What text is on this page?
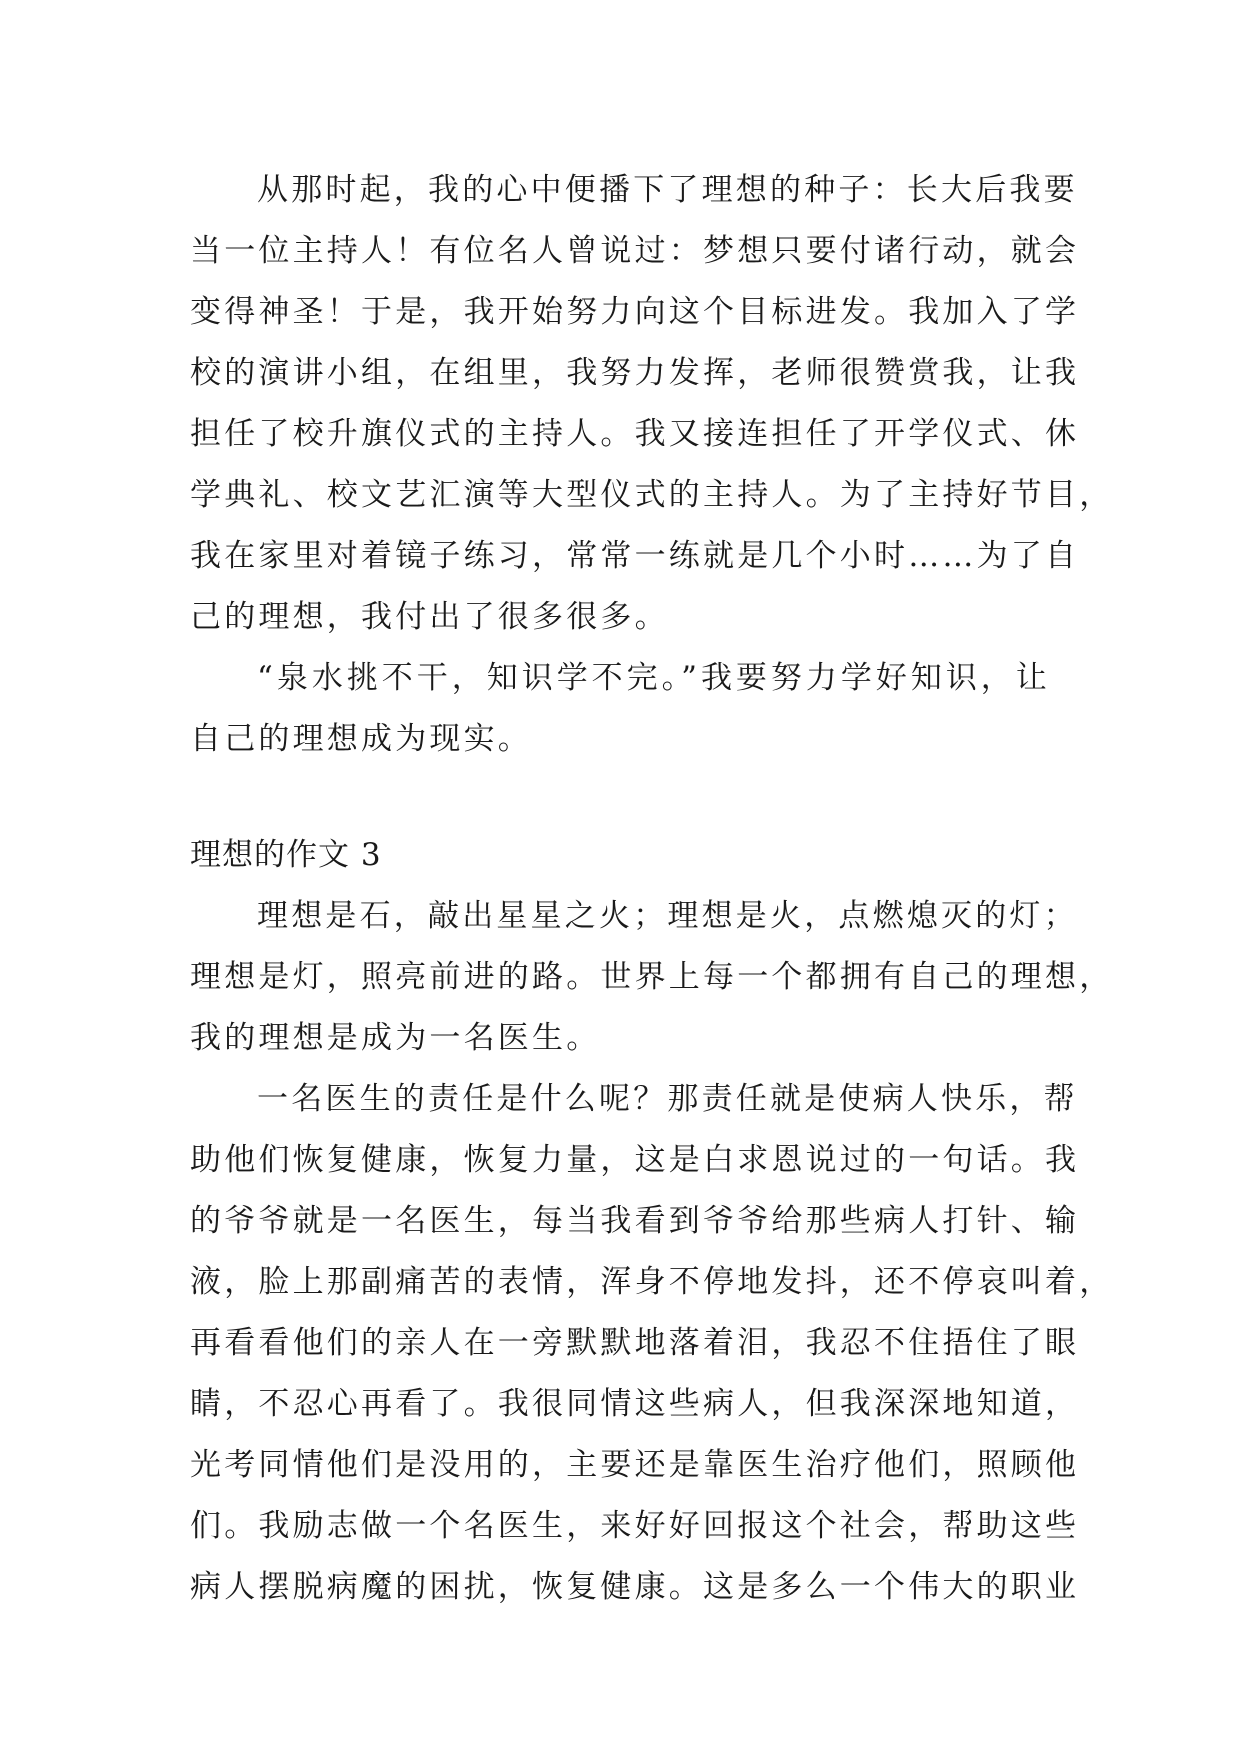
从那时起，我的心中便播下了理想的种子：长大后我要
当一位主持人！有位名人曾说过：梦想只要付诸行动，就会
变得神圣！于是，我开始努力向这个目标进发。我加入了学
校的演讲小组，在组里，我努力发挥，老师很赞赏我，让我
担任了校升旗仪式的主持人。我又接连担任了开学仪式、休
学典礼、校文艺汇演等大型仪式的主持人。为了主持好节目，
我在家里对着镜子练习，常常一练就是几个小时……为了自
己的理想，我付出了很多很多。
“泉水挑不干，知识学不完。”我要努力学好知识，让
自己的理想成为现实。
理想的作文 3
理想是石，敲出星星之火；理想是火，点燃熄灭的灯；
理想是灯，照亮前进的路。世界上每一个都拥有自己的理想，
我的理想是成为一名医生。
一名医生的责任是什么呢？那责任就是使病人快乐，帮
助他们恢复健康，恢复力量，这是白求恩说过的一句话。我
的爷爷就是一名医生，每当我看到爷爷给那些病人打针、输
液，脸上那副痛苦的表情，浑身不停地发抖，还不停哀叫着，
再看看他们的亲人在一旁默默地落着泪，我忍不住捂住了眼
睛，不忍心再看了。我很同情这些病人，但我深深地知道，
光考同情他们是没用的，主要还是靠医生治疗他们，照顾他
们。我励志做一个名医生，来好好回报这个社会，帮助这些
病人摆脱病魔的困扰，恢复健康。这是多么一个伟大的职业
